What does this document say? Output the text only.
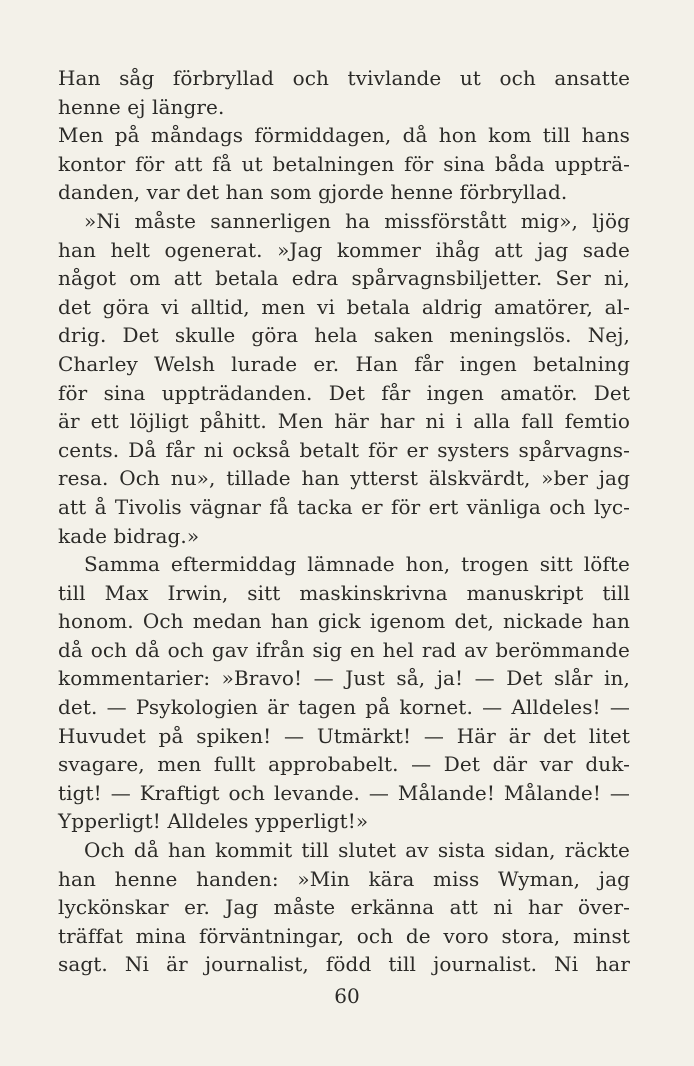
Han såg förbryllad och tvivlande ut och ansatte
henne ej längre.
Men på måndags förmiddagen, då hon kom till hans
kontor för att få ut betalningen för sina båda uppträ-
danden, var det han som gjorde henne förbryllad.
»Ni måste sannerligen ha missförstått mig», ljög
han helt ogenerat. »Jag kommer ihåg att jag sade
något om att betala edra spårvagnsbiljetter. Ser ni,
det göra vi alltid, men vi betala aldrig amatörer, al-
drig. Det skulle göra hela saken meningslös. Nej,
Charley Welsh lurade er. Han får ingen betalning
för sina uppträdanden. Det får ingen amatör. Det
är ett löjligt påhitt. Men här har ni i alla fall femtio
cents. Då får ni också betalt för er systers spårvagns-
resa. Och nu», tillade han ytterst älskvärdt, »ber jag
att å Tivolis vägnar få tacka er för ert vänliga och lyc-
kade bidrag.»
Samma eftermiddag lämnade hon, trogen sitt löfte
till Max Irwin, sitt maskinskrivna manuskript till
honom. Och medan han gick igenom det, nickade han
då och då och gav ifrån sig en hel rad av berömmande
kommentarier: »Bravo! — Just så, ja! — Det slår in,
det. — Psykologien är tagen på kornet. — Alldeles! —
Huvudet på spiken! — Utmärkt! — Här är det litet
svagare, men fullt approbabelt. — Det där var duk-
tigt! — Kraftigt och levande. — Målande! Målande! —
Ypperligt! Alldeles ypperligt!»
Och då han kommit till slutet av sista sidan, räckte
han henne handen: »Min kära miss Wyman, jag
lyckönskar er. Jag måste erkänna att ni har över-
träffat mina förväntningar, och de voro stora, minst
sagt. Ni är journalist, född till journalist. Ni har
60
